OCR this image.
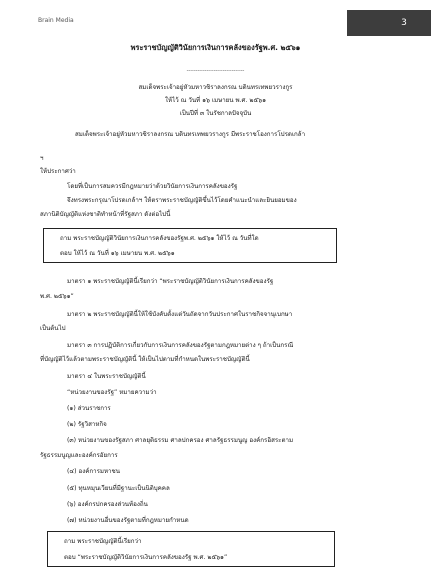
Brain Media	3
พระราชบัญญัติวินัยการเงินการคลังของรัฐพ.ศ. ๒๕๖๑
--------------------------------
สมเด็จพระเจ้าอยู่หัวมหาวชิราลงกรณ บดินทรเทพยวรางกูร
ให้ไว้ ณ วันที่ ๑๖ เมษายน พ.ศ. ๒๕๖๑
เป็นปีที่ ๓ ในรัชกาลปัจจุบัน
สมเด็จพระเจ้าอยู่หัวมหาวชิราลงกรณ บดินทรเทพยวรางกูร มีพระราชโองการโปรดเกล้า
ฯ
ให้ประกาศว่า
โดยที่เป็นการสมควรมีกฎหมายว่าด้วยวินัยการเงินการคลังของรัฐ
จึงทรงพระกรุณาโปรดเกล้าฯ ให้ตราพระราชบัญญัติขึ้นไว้โดยคำแนะนำและยินยอมของ
สภานิติบัญญัติแห่งชาติทำหน้าที่รัฐสภา ดังต่อไปนี้
ถาม พระราชบัญญัติวินัยการเงินการคลังของรัฐพ.ศ. ๒๕๖๑ ให้ไว้ ณ วันที่ใด
ตอบ ให้ไว้ ณ วันที่ ๑๖ เมษายน พ.ศ. ๒๕๖๑
มาตรา ๑ พระราชบัญญัตินี้เรียกว่า “พระราชบัญญัติวินัยการเงินการคลังของรัฐ
พ.ศ. ๒๕๖๑”
มาตรา ๒ พระราชบัญญัตินี้ให้ใช้บังคับตั้งแต่วันถัดจากวันประกาศในราชกิจจานุเบกษา
เป็นต้นไป
มาตรา ๓ การปฏิบัติการเกี่ยวกับการเงินการคลังของรัฐตามกฎหมายต่าง ๆ ถ้าเป็นกรณี
ที่บัญญัติไว้แล้วตามพระราชบัญญัตินี้ ให้เป็นไปตามที่กำหนดในพระราชบัญญัตินี้
มาตรา ๔ ในพระราชบัญญัตินี้
“หน่วยงานของรัฐ” หมายความว่า
(๑) ส่วนราชการ
(๒) รัฐวิสาหกิจ
(๓) หน่วยงานของรัฐสภา ศาลยุติธรรม ศาลปกครอง ศาลรัฐธรรมนูญ องค์กรอิสระตาม
รัฐธรรมนูญและองค์กรอัยการ
(๔) องค์การมหาชน
(๕) ทุนหมุนเวียนที่มีฐานะเป็นนิติบุคคล
(๖) องค์กรปกครองส่วนท้องถิ่น
(๗) หน่วยงานอื่นของรัฐตามที่กฎหมายกำหนด
ถาม พระราชบัญญัตินี้เรียกว่า
ตอบ “พระราชบัญญัติวินัยการเงินการคลังของรัฐ พ.ศ. ๒๕๖๑”
